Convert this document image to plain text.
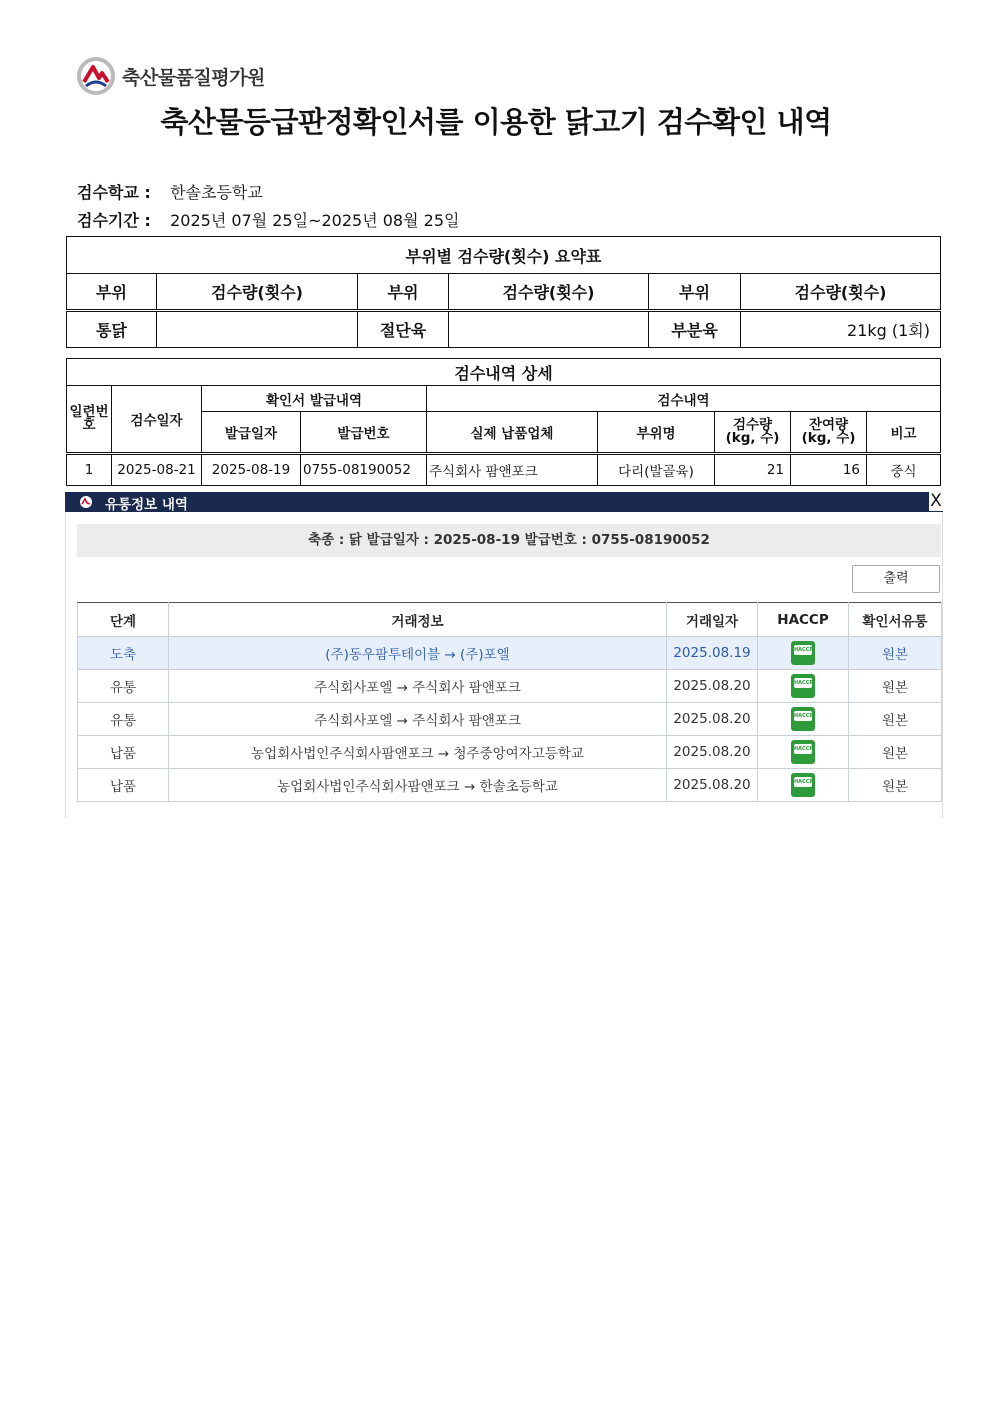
축산물품질평가원
축산물등급판정확인서를 이용한 닭고기 검수확인 내역
검수학교 : 한솔초등학교
검수기간 : 2025년 07월 25일~2025년 08월 25일
부위별 검수량(횟수) 요약표					
부위	검수량(횟수)	부위	검수량(횟수)	부위	검수량(횟수)
통닭		절단육		부분육	21kg (1회)
검수내역 상세								
일련번호	검수일자	확인서 발급내역		검수내역				
		발급일자	발급번호	실제 납품업체	부위명	검수량(kg, 수)	잔여량(kg, 수)	비고
1	2025-08-21	2025-08-19	0755-08190052	주식회사 팜앤포크	다리(발골육)	21	16	중식
유통정보 내역	X
축종 : 닭 발급일자 : 2025-08-19 발급번호 : 0755-08190052
출력
단계	거래정보	거래일자	HACCP	확인서유통
도축	(주)동우팜투테이블 → (주)포엘	2025.08.19	HACCP	원본
유통	주식회사포엘 → 주식회사 팜앤포크	2025.08.20	HACCP	원본
유통	주식회사포엘 → 주식회사 팜앤포크	2025.08.20	HACCP	원본
납품	농업회사법인주식회사팜앤포크 → 청주중앙여자고등학교	2025.08.20	HACCP	원본
납품	농업회사법인주식회사팜앤포크 → 한솔초등학교	2025.08.20	HACCP	원본
